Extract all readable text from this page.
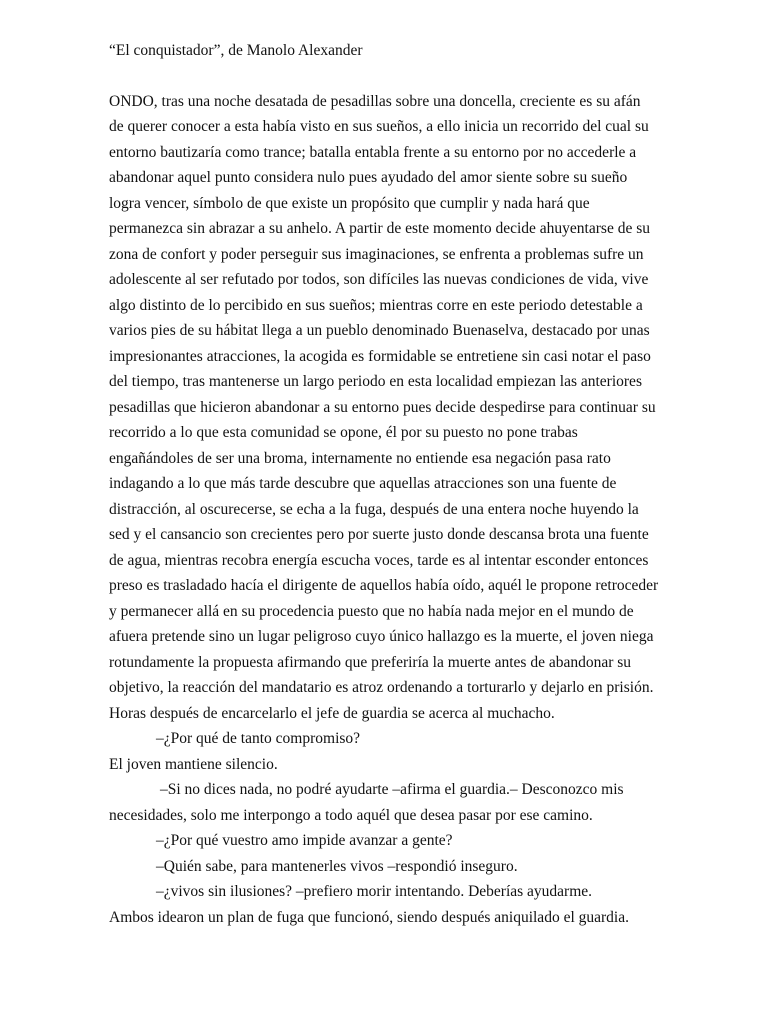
“El conquistador”, de Manolo Alexander

ONDO, tras una noche desatada de pesadillas sobre una doncella, creciente es su afán
de querer conocer a esta había visto en sus sueños, a ello inicia un recorrido del cual su
entorno bautizaría como trance; batalla entabla frente a su entorno por no accederle a
abandonar aquel punto considera nulo pues ayudado del amor siente sobre su sueño
logra vencer, símbolo de que existe un propósito que cumplir y nada hará que
permanezca sin abrazar a su anhelo. A partir de este momento decide ahuyentarse de su
zona de confort y poder perseguir sus imaginaciones, se enfrenta a problemas sufre un
adolescente al ser refutado por todos, son difíciles las nuevas condiciones de vida, vive
algo distinto de lo percibido en sus sueños; mientras corre en este periodo detestable a
varios pies de su hábitat llega a un pueblo denominado Buenaselva, destacado por unas
impresionantes atracciones, la acogida es formidable se entretiene sin casi notar el paso
del tiempo, tras mantenerse un largo periodo en esta localidad empiezan las anteriores
pesadillas que hicieron abandonar a su entorno pues decide despedirse para continuar su
recorrido a lo que esta comunidad se opone, él por su puesto no pone trabas
engañándoles de ser una broma, internamente no entiende esa negación pasa rato
indagando a lo que más tarde descubre que aquellas atracciones son una fuente de
distracción, al oscurecerse, se echa a la fuga, después de una entera noche huyendo la
sed y el cansancio son crecientes pero por suerte justo donde descansa brota una fuente
de agua, mientras recobra energía escucha voces, tarde es al intentar esconder entonces
preso es trasladado hacía el dirigente de aquellos había oído, aquél le propone retroceder
y permanecer allá en su procedencia puesto que no había nada mejor en el mundo de
afuera pretende sino un lugar peligroso cuyo único hallazgo es la muerte, el joven niega
rotundamente la propuesta afirmando que preferiría la muerte antes de abandonar su
objetivo, la reacción del mandatario es atroz ordenando a torturarlo y dejarlo en prisión.
Horas después de encarcelarlo el jefe de guardia se acerca al muchacho.

–¿Por qué de tanto compromiso?

El joven mantiene silencio.

–Si no dices nada, no podré ayudarte –afirma el guardia.– Desconozco mis

necesidades, solo me interpongo a todo aquél que desea pasar por ese camino.

–¿Por qué vuestro amo impide avanzar a gente?

–Quién sabe, para mantenerles vivos –respondió inseguro.

–¿vivos sin ilusiones? –prefiero morir intentando. Deberías ayudarme.

Ambos idearon un plan de fuga que funcionó, siendo después aniquilado el guardia.
